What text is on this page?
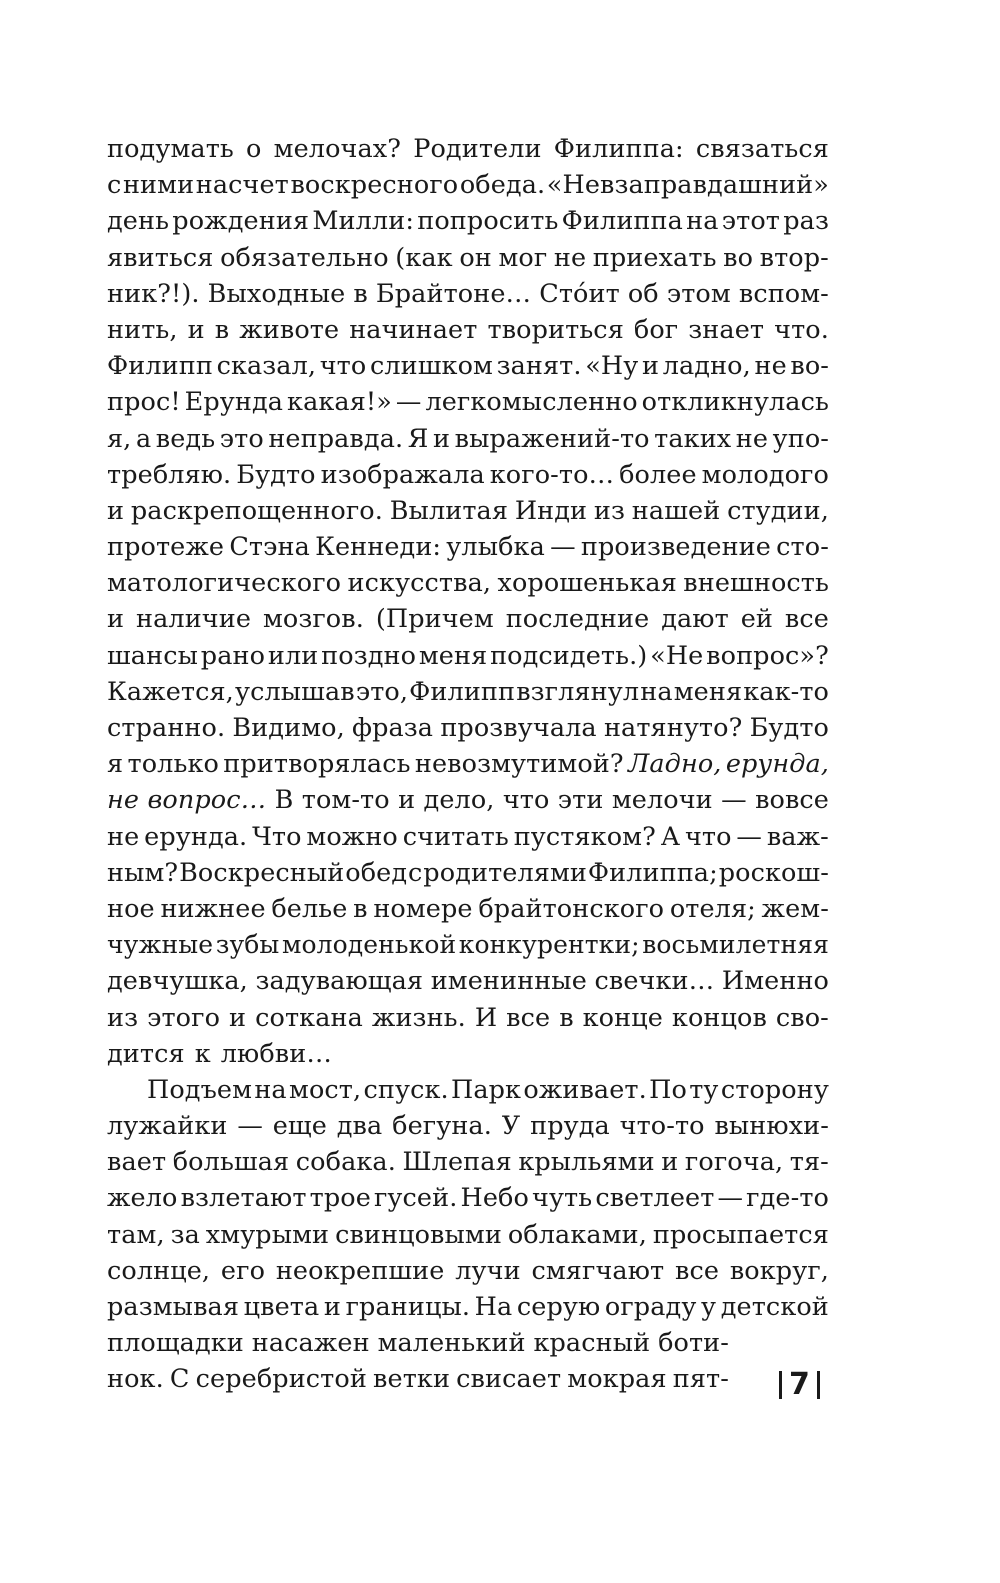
подумать о мелочах? Родители Филиппа: связаться
с ними насчет воскресного обеда. «Невзаправдашний»
день рождения Милли: попросить Филиппа на этот раз
явиться обязательно (как он мог не приехать во втор-
ник?!). Выходные в Брайтоне… Сто́ит об этом вспом-
нить, и в животе начинает твориться бог знает что.
Филипп сказал, что слишком занят. «Ну и ладно, не во-
прос! Ерунда какая!» — легкомысленно откликнулась
я, а ведь это неправда. Я и выражений-то таких не упо-
требляю. Будто изображала кого-то… более молодого
и раскрепощенного. Вылитая Инди из нашей студии,
протеже Стэна Кеннеди: улыбка — произведение сто-
матологического искусства, хорошенькая внешность
и наличие мозгов. (Причем последние дают ей все
шансы рано или поздно меня подсидеть.) «Не вопрос»?
Кажется, услышав это, Филипп взглянул на меня как-то
странно. Видимо, фраза прозвучала натянуто? Будто
я только притворялась невозмутимой? Ладно, ерунда,
не вопрос… В том-то и дело, что эти мелочи — вовсе
не ерунда. Что можно считать пустяком? А что — важ-
ным? Воскресный обед с родителями Филиппа; роскош-
ное нижнее белье в номере брайтонского отеля; жем-
чужные зубы молоденькой конкурентки; восьмилетняя
девчушка, задувающая именинные свечки… Именно
из этого и соткана жизнь. И все в конце концов сво-
дится к любви…
Подъем на мост, спуск. Парк оживает. По ту сторону
лужайки — еще два бегуна. У пруда что-то вынюхи-
вает большая собака. Шлепая крыльями и гогоча, тя-
жело взлетают трое гусей. Небо чуть светлеет — где-то
там, за хмурыми свинцовыми облаками, просыпается
солнце, его неокрепшие лучи смягчают все вокруг,
размывая цвета и границы. На серую ограду у детской
площадки насажен маленький красный боти-
нок. С серебристой ветки свисает мокрая пят- 7
